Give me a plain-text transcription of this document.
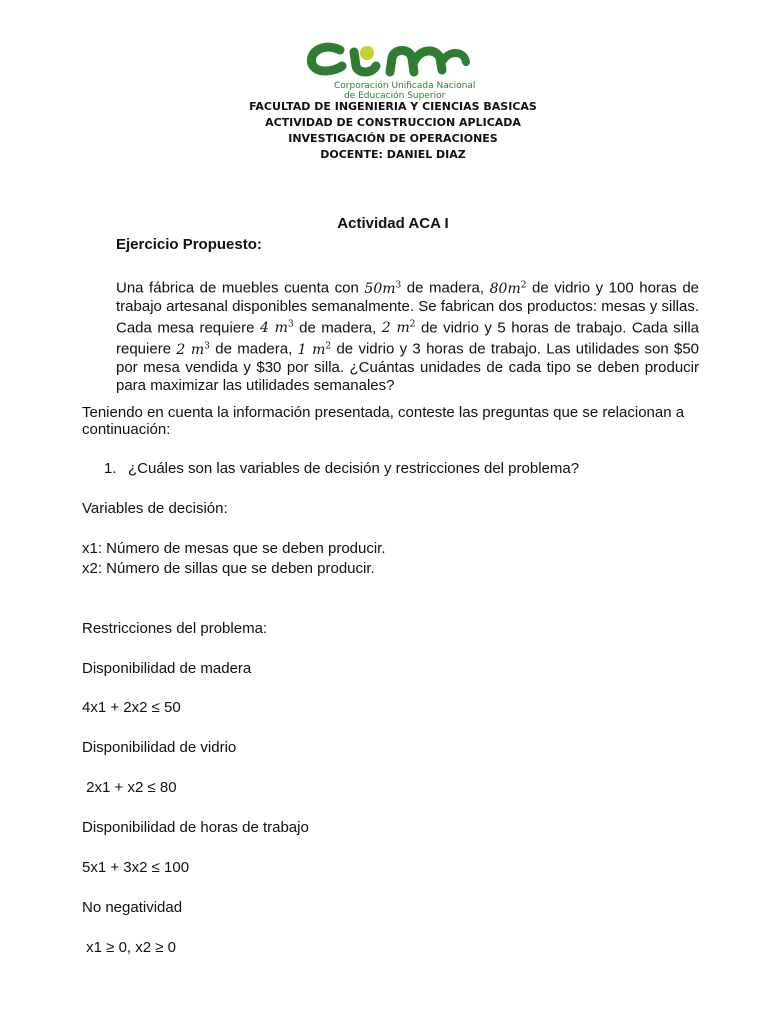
Corporación Unificada Nacional
de Educación Superior
FACULTAD DE INGENIERIA Y CIENCIAS BASICAS
ACTIVIDAD DE CONSTRUCCION APLICADA
INVESTIGACIÓN DE OPERACIONES
DOCENTE: DANIEL DIAZ
Actividad ACA I
Ejercicio Propuesto:
Una fábrica de muebles cuenta con $50m^3$ de madera, $80m^2$ de vidrio y 100 horas de trabajo artesanal disponibles semanalmente. Se fabrican dos productos: mesas y sillas. Cada mesa requiere 4 $m^3$ de madera, 2 $m^2$ de vidrio y 5 horas de trabajo. Cada silla requiere 2 $m^3$ de madera, 1 $m^2$ de vidrio y 3 horas de trabajo. Las utilidades son $50 por mesa vendida y $30 por silla. ¿Cuántas unidades de cada tipo se deben producir para maximizar las utilidades semanales?
Teniendo en cuenta la información presentada, conteste las preguntas que se relacionan a continuación:
1. ¿Cuáles son las variables de decisión y restricciones del problema?
Variables de decisión:
x1: Número de mesas que se deben producir.
x2: Número de sillas que se deben producir.
Restricciones del problema:
Disponibilidad de madera
4x1 + 2x2 ≤ 50
Disponibilidad de vidrio
2x1 + x2 ≤ 80
Disponibilidad de horas de trabajo
5x1 + 3x2 ≤ 100
No negatividad
x1 ≥ 0, x2 ≥ 0
